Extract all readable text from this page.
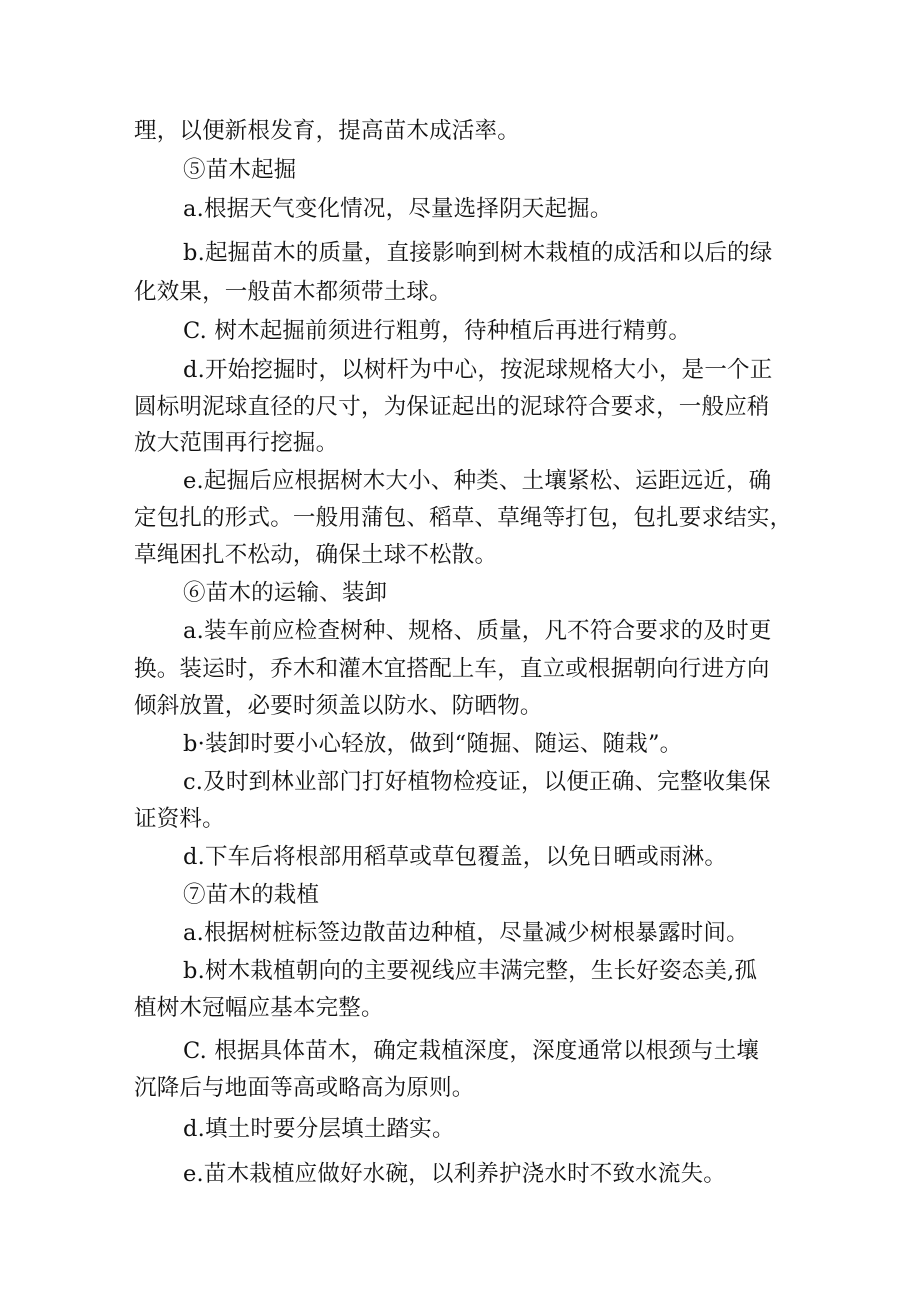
理，以便新根发育，提高苗木成活率。
⑤苗木起掘
a.根据天气变化情况，尽量选择阴天起掘。
b.起掘苗木的质量，直接影响到树木栽植的成活和以后的绿
化效果，一般苗木都须带土球。
C. 树木起掘前须进行粗剪，待种植后再进行精剪。
d.开始挖掘时，以树杆为中心，按泥球规格大小，是一个正
圆标明泥球直径的尺寸，为保证起出的泥球符合要求，一般应稍
放大范围再行挖掘。
e.起掘后应根据树木大小、种类、土壤紧松、运距远近，确
定包扎的形式。一般用蒲包、稻草、草绳等打包，包扎要求结实，
草绳困扎不松动，确保土球不松散。
⑥苗木的运输、装卸
a.装车前应检查树种、规格、质量，凡不符合要求的及时更
换。装运时，乔木和灌木宜搭配上车，直立或根据朝向行进方向
倾斜放置，必要时须盖以防水、防晒物。
b·装卸时要小心轻放，做到“随掘、随运、随栽”。
c.及时到林业部门打好植物检疫证，以便正确、完整收集保
证资料。
d.下车后将根部用稻草或草包覆盖，以免日晒或雨淋。
⑦苗木的栽植
a.根据树桩标签边散苗边种植，尽量减少树根暴露时间。
b.树木栽植朝向的主要视线应丰满完整，生长好姿态美,孤
植树木冠幅应基本完整。
C. 根据具体苗木，确定栽植深度，深度通常以根颈与土壤
沉降后与地面等高或略高为原则。
d.填土时要分层填土踏实。
e.苗木栽植应做好水碗，以利养护浇水时不致水流失。
